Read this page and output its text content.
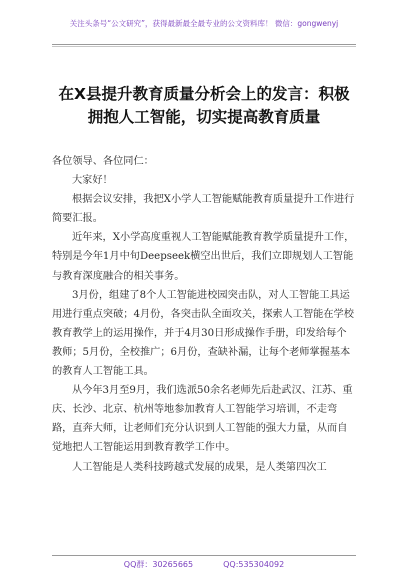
关注头条号“公文研究”，获得最新最全最专业的公文资料库！ 微信：gongwenyj
在X县提升教育质量分析会上的发言：积极拥抱人工智能，切实提高教育质量

各位领导、各位同仁：

大家好！

根据会议安排，我把X小学人工智能赋能教育质量提升工作进行简要汇报。

近年来，X小学高度重视人工智能赋能教育教学质量提升工作，特别是今年1月中旬Deepseek横空出世后，我们立即规划人工智能与教育深度融合的相关事务。

3月份，组建了8个人工智能进校园突击队，对人工智能工具运用进行重点突破；4月份，各突击队全面攻关，探索人工智能在学校教育教学上的运用操作，并于4月30日形成操作手册，印发给每个教师；5月份，全校推广；6月份，查缺补漏，让每个老师掌握基本的教育人工智能工具。

从今年3月至9月，我们选派50余名老师先后赴武汉、江苏、重庆、长沙、北京、杭州等地参加教育人工智能学习培训，不走弯路，直奔大师，让老师们充分认识到人工智能的强大力量，从而自觉地把人工智能运用到教育教学工作中。

人工智能是人类科技跨越式发展的成果，是人类第四次工

QQ群：30265665	QQ:535304092
